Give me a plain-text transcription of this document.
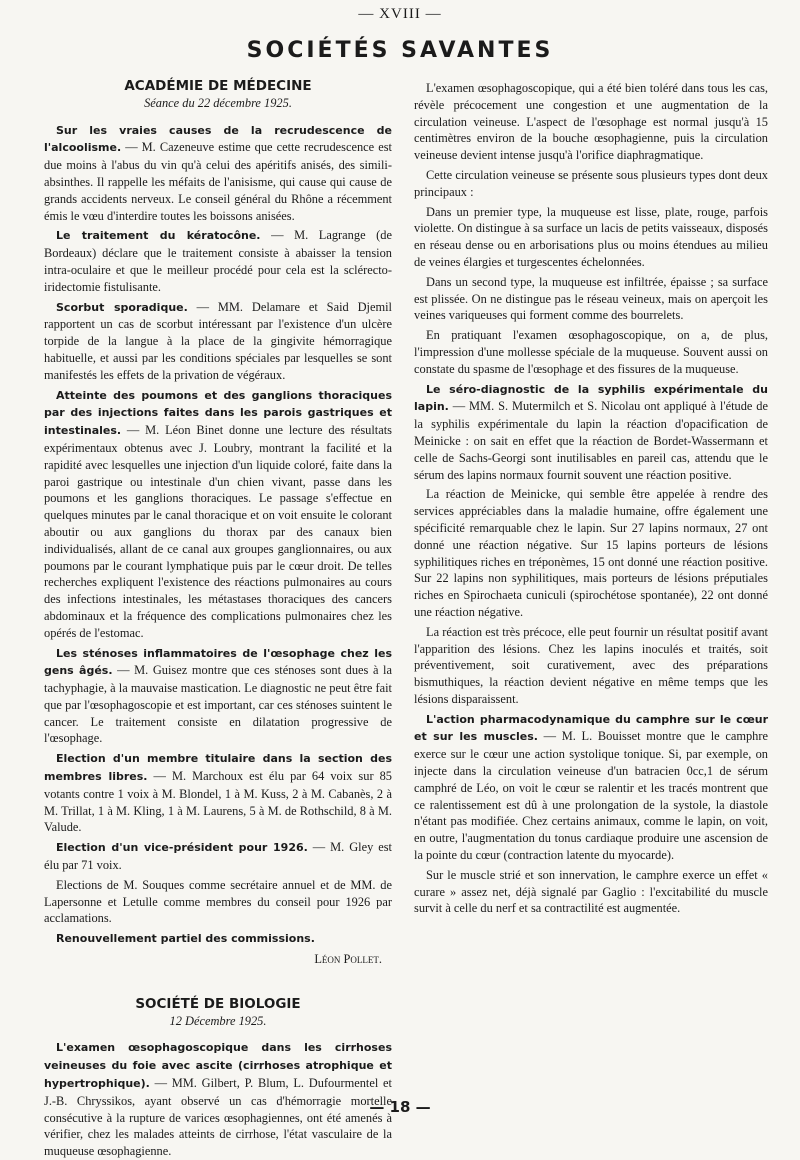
— XVIII —
SOCIÉTÉS SAVANTES
ACADÉMIE DE MÉDECINE
Séance du 22 décembre 1925.

Sur les vraies causes de la recrudescence de l'alcoolisme. — M. Cazeneuve estime que cette recrudescence est due moins à l'abus du vin qu'à celui des apéritifs anisés, des simili-absinthes. Il rappelle les méfaits de l'anisisme, qui cause qui cause de grands accidents nerveux. Le conseil général du Rhône a récemment émis le vœu d'interdire toutes les boissons anisées.

Le traitement du kératocône. — M. Lagrange (de Bordeaux) déclare que le traitement consiste à abaisser la tension intra-oculaire et que le meilleur procédé pour cela est la sclérecto-iridectomie fistulisante.

Scorbut sporadique. — MM. Delamare et Said Djemil rapportent un cas de scorbut intéressant par l'existence d'un ulcère torpide de la langue à la place de la gingivite hémorragique habituelle, et aussi par les conditions spéciales par lesquelles se sont manifestés les effets de la privation de végéraux.

Atteinte des poumons et des ganglions thoraciques par des injections faites dans les parois gastriques et intestinales. — M. Léon Binet donne une lecture des résultats expérimentaux obtenus avec J. Loubry, montrant la facilité et la rapidité avec lesquelles une injection d'un liquide coloré, faite dans la paroi gastrique ou intestinale d'un chien vivant, passe dans les poumons et les ganglions thoraciques. Le passage s'effectue en quelques minutes par le canal thoracique et on voit ensuite le colorant aboutir ou aux ganglions du thorax par des canaux bien individualisés, allant de ce canal aux groupes ganglionnaires, ou aux poumons par le courant lymphatique puis par le cœur droit. De telles recherches expliquent l'existence des réactions pulmonaires au cours des infections intestinales, les métastases thoraciques des cancers abdominaux et la fréquence des complications pulmonaires chez les opérés de l'estomac.

Les sténoses inflammatoires de l'œsophage chez les gens âgés. — M. Guisez montre que ces sténoses sont dues à la tachyphagie, à la mauvaise mastication. Le diagnostic ne peut être fait que par l'œsophagoscopie et est important, car ces sténoses suintent le cancer. Le traitement consiste en dilatation progressive de l'œsophage.

Election d'un membre titulaire dans la section des membres libres. — M. Marchoux est élu par 64 voix sur 85 votants contre 1 voix à M. Blondel, 1 à M. Kuss, 2 à M. Cabanès, 2 à M. Trillat, 1 à M. Kling, 1 à M. Laurens, 5 à M. de Rothschild, 8 à M. Valude.

Election d'un vice-président pour 1926. — M. Gley est élu par 71 voix.

Elections de M. Souques comme secrétaire annuel et de MM. de Lapersonne et Letulle comme membres du conseil pour 1926 par acclamations.

Renouvellement partiel des commissions.

Léon Pollet.

SOCIÉTÉ DE BIOLOGIE
12 Décembre 1925.

L'examen œsophagoscopique dans les cirrhoses veineuses du foie avec ascite (cirrhoses atrophique et hypertrophique). — MM. Gilbert, P. Blum, L. Dufourmentel et J.-B. Chryssikos, ayant observé un cas d'hémorragie mortelle consécutive à la rupture de varices œsophagiennes, ont été amenés à vérifier, chez les malades atteints de cirrhose, l'état vasculaire de la muqueuse œsophagienne.

L'examen œsophagoscopique, qui a été bien toléré dans tous les cas, révèle précocement une congestion et une augmentation de la circulation veineuse. L'aspect de l'œsophage est normal jusqu'à 15 centimètres environ de la bouche œsophagienne, puis la circulation veineuse devient intense jusqu'à l'orifice diaphragmatique.

Cette circulation veineuse se présente sous plusieurs types dont deux principaux :

Dans un premier type, la muqueuse est lisse, plate, rouge, parfois violette. On distingue à sa surface un lacis de petits vaisseaux, disposés en réseau dense ou en arborisations plus ou moins étendues au milieu de veines élargies et turgescentes échelonnées.

Dans un second type, la muqueuse est infiltrée, épaisse ; sa surface est plissée. On ne distingue pas le réseau veineux, mais on aperçoit les veines variqueuses qui forment comme des bourrelets.

En pratiquant l'examen œsophagoscopique, on a, de plus, l'impression d'une mollesse spéciale de la muqueuse. Souvent aussi on constate du spasme de l'œsophage et des fissures de la muqueuse.

Le séro-diagnostic de la syphilis expérimentale du lapin. — MM. S. Mutermilch et S. Nicolau ont appliqué à l'étude de la syphilis expérimentale du lapin la réaction d'opacification de Meinicke : on sait en effet que la réaction de Bordet-Wassermann et celle de Sachs-Georgi sont inutilisables en pareil cas, attendu que le sérum des lapins normaux fournit souvent une réaction positive.

La réaction de Meinicke, qui semble être appelée à rendre des services appréciables dans la maladie humaine, offre également une spécificité remarquable chez le lapin. Sur 27 lapins normaux, 27 ont donné une réaction négative. Sur 15 lapins porteurs de lésions syphilitiques riches en tréponèmes, 15 ont donné une réaction positive. Sur 22 lapins non syphilitiques, mais porteurs de lésions préputiales riches en Spirochaeta cuniculi (spirochétose spontanée), 22 ont donné une réaction négative.

La réaction est très précoce, elle peut fournir un résultat positif avant l'apparition des lésions. Chez les lapins inoculés et traités, soit préventivement, soit curativement, avec des préparations bismuthiques, la réaction devient négative en même temps que les lésions disparaissent.

L'action pharmacodynamique du camphre sur le cœur et sur les muscles. — M. L. Bouisset montre que le camphre exerce sur le cœur une action systolique tonique. Si, par exemple, on injecte dans la circulation veineuse d'un batracien 0cc,1 de sérum camphré de Léo, on voit le cœur se ralentir et les tracés montrent que ce ralentissement est dû à une prolongation de la systole, la diastole n'étant pas modifiée. Chez certains animaux, comme le lapin, on voit, en outre, l'augmentation du tonus cardiaque produire une ascension de la pointe du cœur (contraction latente du myocarde).

Sur le muscle strié et son innervation, le camphre exerce un effet « curare » assez net, déjà signalé par Gaglio : l'excitabilité du muscle survit à celle du nerf et sa contractilité est augmentée.

— 18 —
